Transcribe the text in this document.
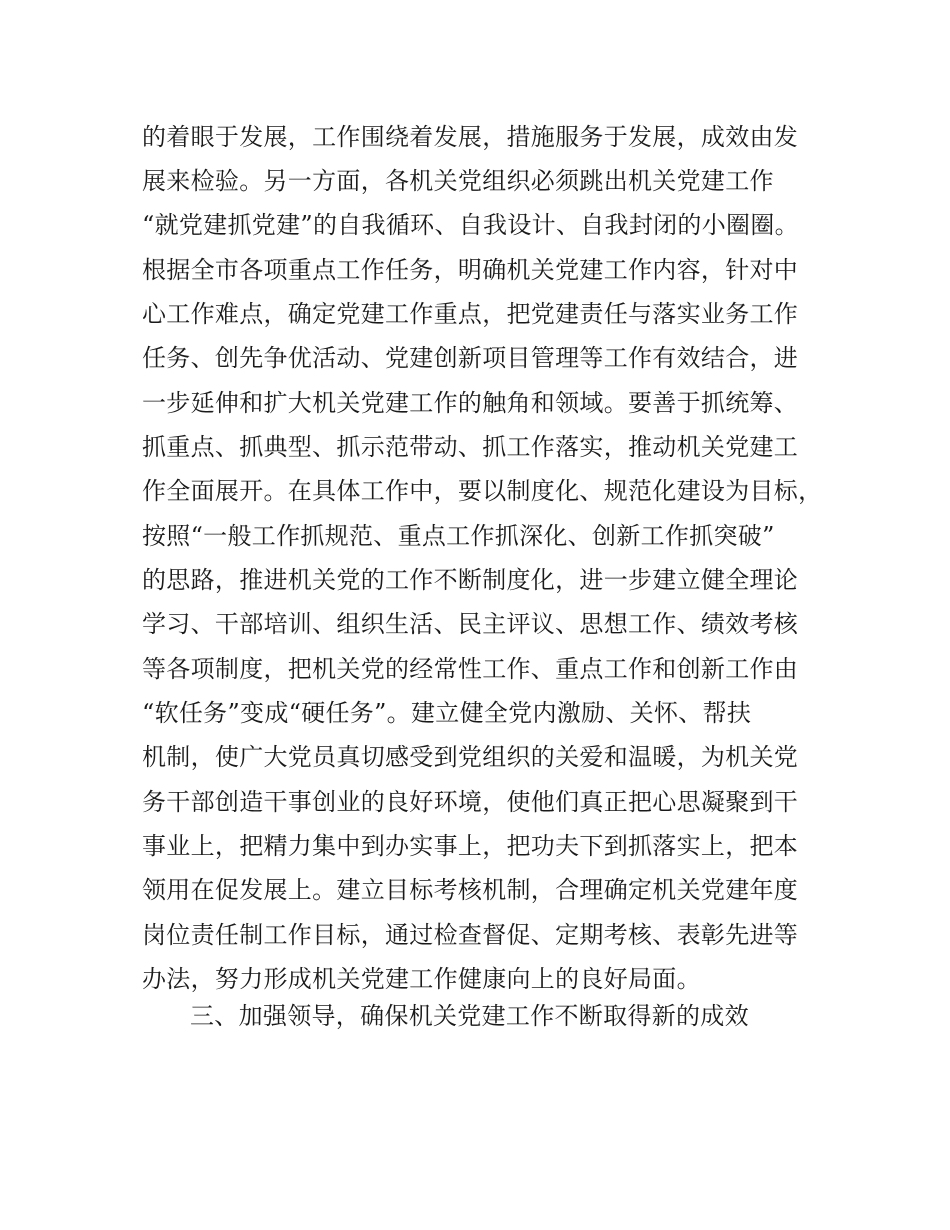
的着眼于发展，工作围绕着发展，措施服务于发展，成效由发
展来检验。另一方面，各机关党组织必须跳出机关党建工作
“就党建抓党建”的自我循环、自我设计、自我封闭的小圈圈。
根据全市各项重点工作任务，明确机关党建工作内容，针对中
心工作难点，确定党建工作重点，把党建责任与落实业务工作
任务、创先争优活动、党建创新项目管理等工作有效结合，进
一步延伸和扩大机关党建工作的触角和领域。要善于抓统筹、
抓重点、抓典型、抓示范带动、抓工作落实，推动机关党建工
作全面展开。在具体工作中，要以制度化、规范化建设为目标，
按照“一般工作抓规范、重点工作抓深化、创新工作抓突破”
的思路，推进机关党的工作不断制度化，进一步建立健全理论
学习、干部培训、组织生活、民主评议、思想工作、绩效考核
等各项制度，把机关党的经常性工作、重点工作和创新工作由
“软任务”变成“硬任务”。建立健全党内激励、关怀、帮扶
机制，使广大党员真切感受到党组织的关爱和温暖，为机关党
务干部创造干事创业的良好环境，使他们真正把心思凝聚到干
事业上，把精力集中到办实事上，把功夫下到抓落实上，把本
领用在促发展上。建立目标考核机制，合理确定机关党建年度
岗位责任制工作目标，通过检查督促、定期考核、表彰先进等
办法，努力形成机关党建工作健康向上的良好局面。
三、加强领导，确保机关党建工作不断取得新的成效
